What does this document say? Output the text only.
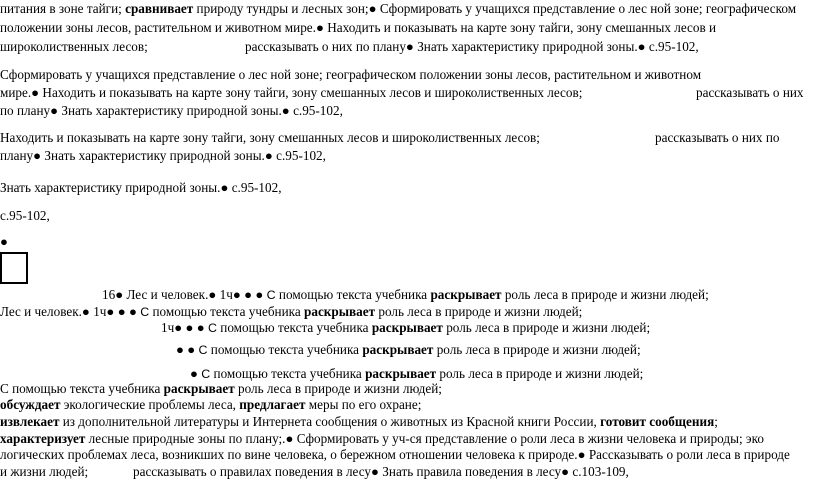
питания в зоне тайги; сравнивает природу тундры и лесных зон;● Сформировать у учащихся представление о лес ной зоне; географическом
положении зоны лесов, растительном и животном мире.● Находить и показывать на карте зону тайги, зону смешанных лесов и
широколиственных лесов;	рассказывать о них по плану● Знать характеристику природной зоны.● с.95-102,
Сформировать у учащихся представление о лес ной зоне; географическом положении зоны лесов, растительном и животном
мире.● Находить и показывать на карте зону тайги, зону смешанных лесов и широколиственных лесов;	рассказывать о них
по плану● Знать характеристику природной зоны.● с.95-102,
Находить и показывать на карте зону тайги, зону смешанных лесов и широколиственных лесов;	рассказывать о них по
плану● Знать характеристику природной зоны.● с.95-102,
Знать характеристику природной зоны.● с.95-102,
с.95-102,
●
16● Лес и человек.● 1ч● ● ● С помощью текста учебника раскрывает роль леса в природе и жизни людей;
Лес и человек.● 1ч● ● ● С помощью текста учебника раскрывает роль леса в природе и жизни людей;
1ч● ● ● С помощью текста учебника раскрывает роль леса в природе и жизни людей;
● ● С помощью текста учебника раскрывает роль леса в природе и жизни людей;
● С помощью текста учебника раскрывает роль леса в природе и жизни людей;
С помощью текста учебника раскрывает роль леса в природе и жизни людей;
обсуждает экологические проблемы леса, предлагает меры по его охране;
извлекает из дополнительной литературы и Интернета сообщения о животных из Красной книги России, готовит сообщения;
характеризует лесные природные зоны по плану;.● Сформировать у уч-ся представление о роли леса в жизни человека и природы; эко
логических проблемах леса, возникших по вине человека, о бережном отношении человека к природе.● Рассказывать о роли леса в природе
и жизни людей;	рассказывать о правилах поведения в лесу● Знать правила поведения в лесу● с.103-109,
